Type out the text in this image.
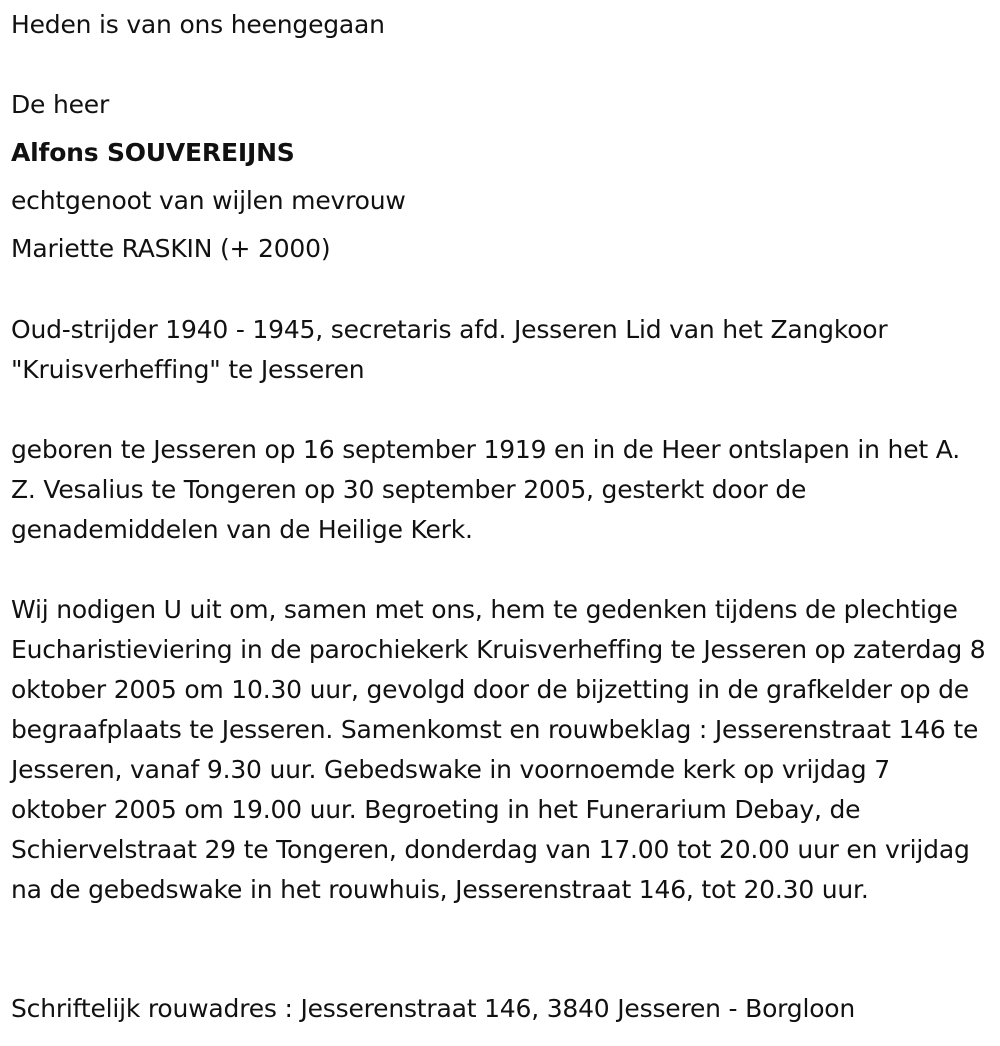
Heden is van ons heengegaan
De heer
Alfons SOUVEREIJNS
echtgenoot van wijlen mevrouw
Mariette RASKIN (+ 2000)
Oud-strijder 1940 - 1945, secretaris afd. Jesseren Lid van het Zangkoor "Kruisverheffing" te Jesseren
geboren te Jesseren op 16 september 1919 en in de Heer ontslapen in het A. Z. Vesalius te Tongeren op 30 september 2005, gesterkt door de genademiddelen van de Heilige Kerk.
Wij nodigen U uit om, samen met ons, hem te gedenken tijdens de plechtige Eucharistieviering in de parochiekerk Kruisverheffing te Jesseren op zaterdag 8 oktober 2005 om 10.30 uur, gevolgd door de bijzetting in de grafkelder op de begraafplaats te Jesseren. Samenkomst en rouwbeklag : Jesserenstraat 146 te Jesseren, vanaf 9.30 uur. Gebedswake in voornoemde kerk op vrijdag 7 oktober 2005 om 19.00 uur. Begroeting in het Funerarium Debay, de Schiervelstraat 29 te Tongeren, donderdag van 17.00 tot 20.00 uur en vrijdag na de gebedswake in het rouwhuis, Jesserenstraat 146, tot 20.30 uur.
Schriftelijk rouwadres : Jesserenstraat 146, 3840 Jesseren - Borgloon
